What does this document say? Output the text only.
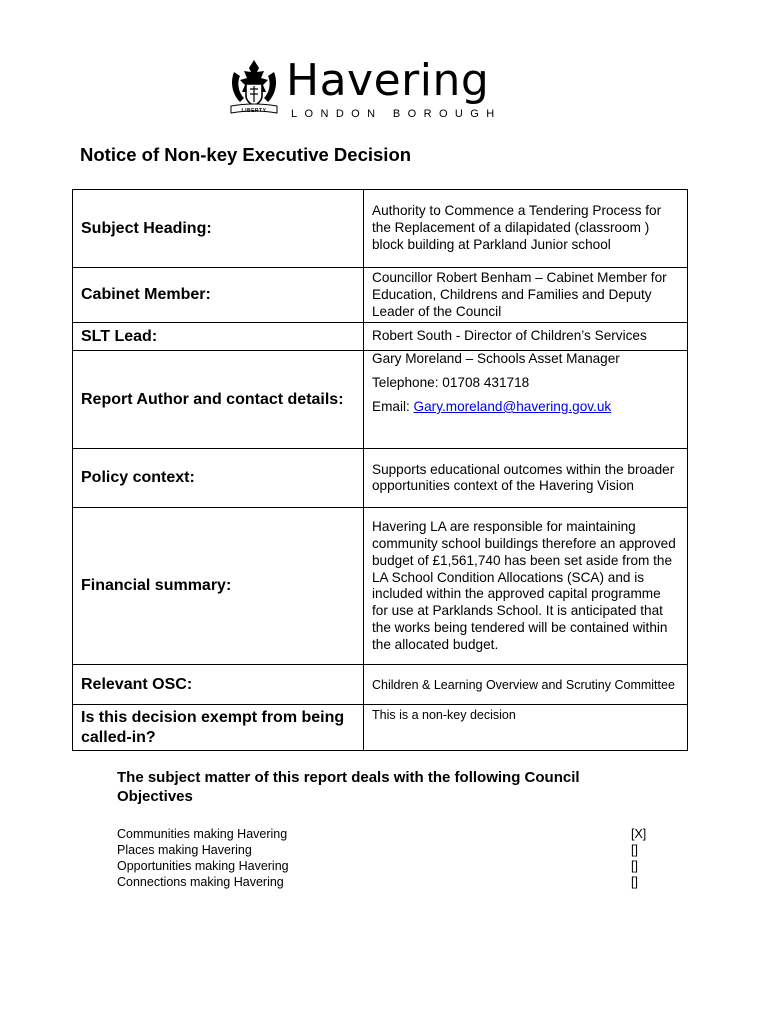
LIBERTY
Havering
LONDON BOROUGH
Notice of Non-key Executive Decision
Subject Heading:	Authority to Commence a Tendering Process for the Replacement of a dilapidated (classroom ) block building at Parkland Junior school
Cabinet Member:	Councillor Robert Benham – Cabinet Member for Education, Childrens and Families and Deputy Leader of the Council
SLT Lead:	Robert South - Director of Children’s Services
Report Author and contact details:	Gary Moreland – Schools Asset Manager
Telephone: 01708 431718
Email: Gary.moreland@havering.gov.uk

Policy context:	Supports educational outcomes within the broader opportunities context of the Havering Vision
Financial summary:	Havering LA are responsible for maintaining community school buildings therefore an approved budget of £1,561,740 has been set aside from the LA School Condition Allocations (SCA) and is included within the approved capital programme for use at Parklands School. It is anticipated that the works being tendered will be contained within the allocated budget.
Relevant OSC:	Children & Learning Overview and Scrutiny Committee
Is this decision exempt from being called-in?	This is a non-key decision

The subject matter of this report deals with the following Council Objectives

Communities making Havering	[X]
Places making Havering	[]
Opportunities making Havering	[]
Connections making Havering	[]
